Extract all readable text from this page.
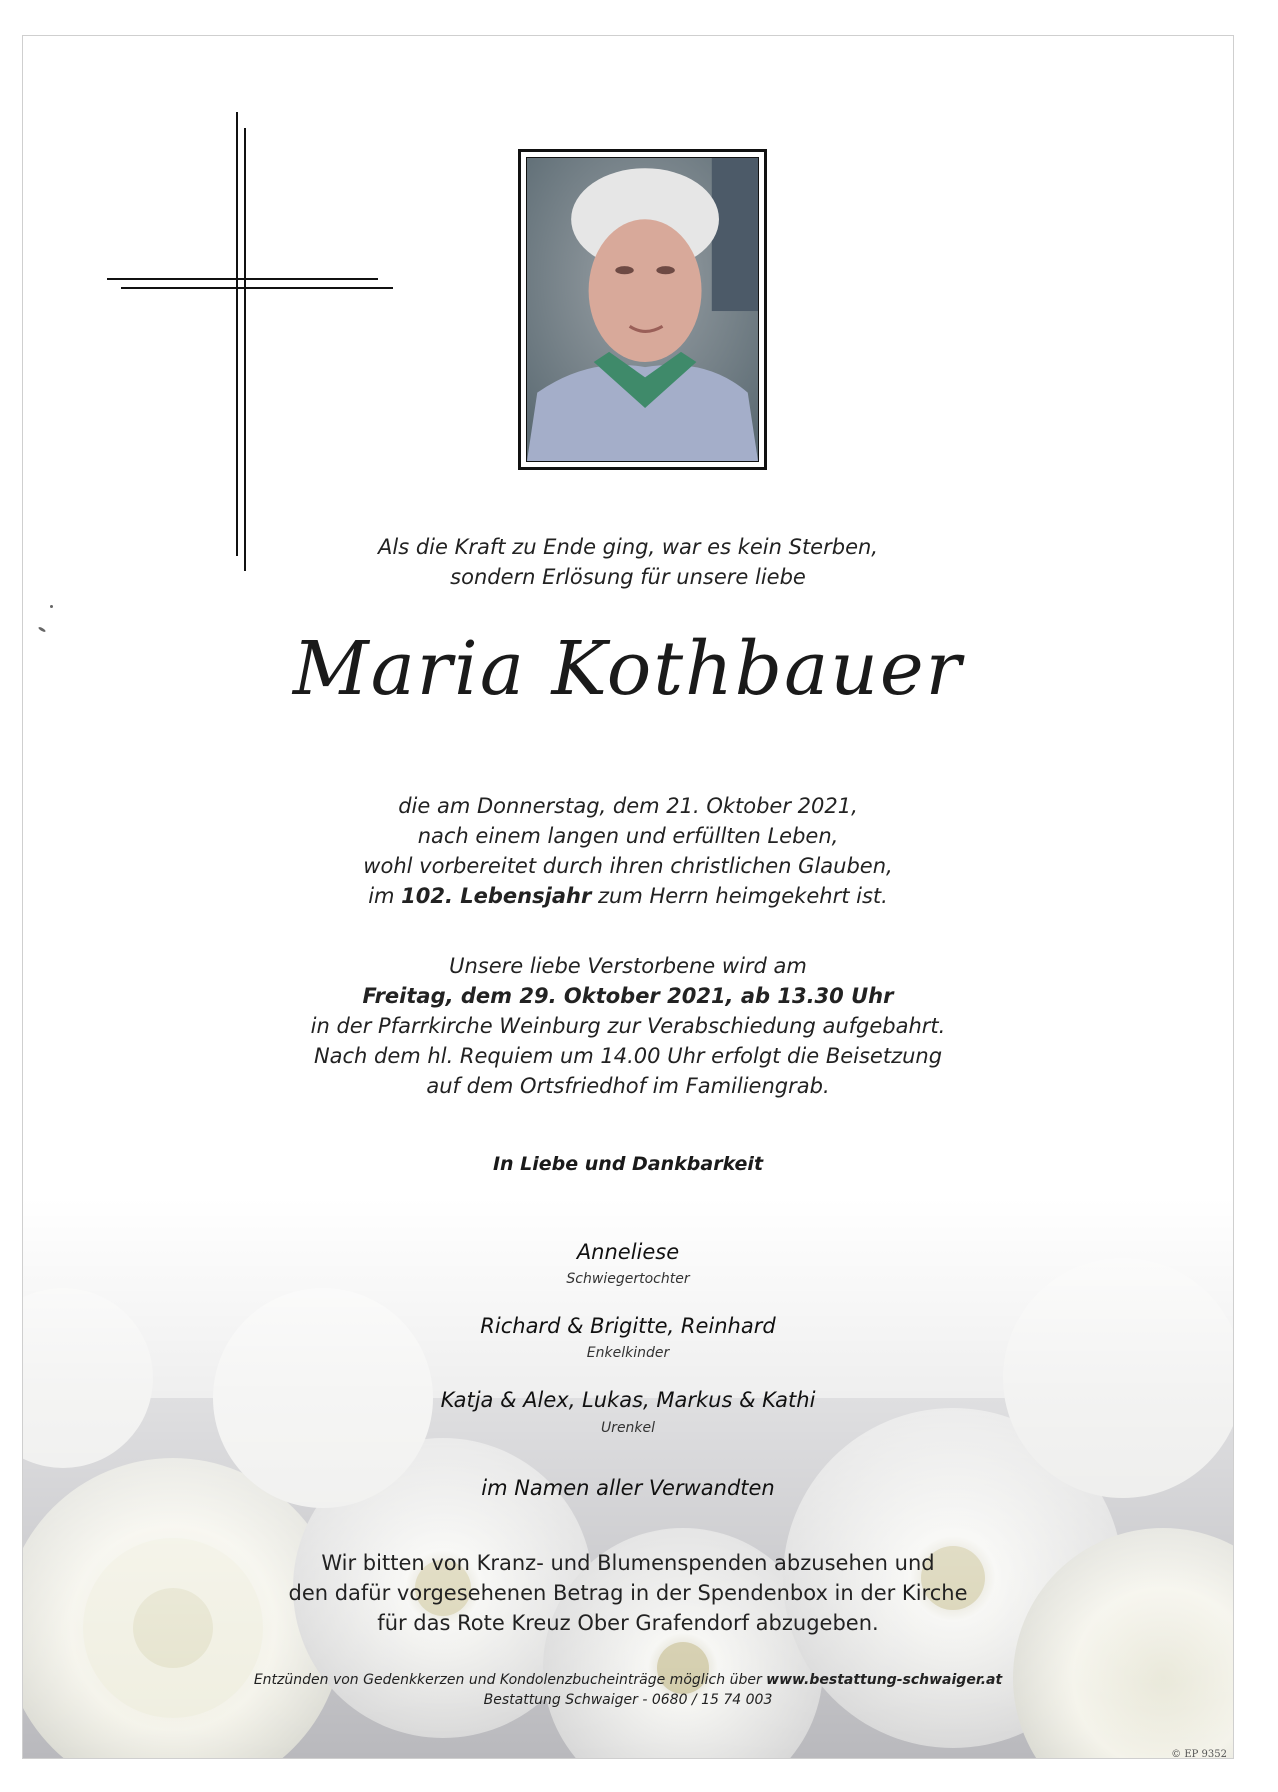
Als die Kraft zu Ende ging, war es kein Sterben,
sondern Erlösung für unsere liebe
Maria Kothbauer
die am Donnerstag, dem 21. Oktober 2021,
nach einem langen und erfüllten Leben,
wohl vorbereitet durch ihren christlichen Glauben,
im 102. Lebensjahr zum Herrn heimgekehrt ist.
Unsere liebe Verstorbene wird am
Freitag, dem 29. Oktober 2021, ab 13.30 Uhr
in der Pfarrkirche Weinburg zur Verabschiedung aufgebahrt.
Nach dem hl. Requiem um 14.00 Uhr erfolgt die Beisetzung
auf dem Ortsfriedhof im Familiengrab.
In Liebe und Dankbarkeit
Anneliese
Schwiegertochter
Richard & Brigitte, Reinhard
Enkelkinder
Katja & Alex, Lukas, Markus & Kathi
Urenkel
im Namen aller Verwandten
Wir bitten von Kranz- und Blumenspenden abzusehen und
den dafür vorgesehenen Betrag in der Spendenbox in der Kirche
für das Rote Kreuz Ober Grafendorf abzugeben.
Entzünden von Gedenkkerzen und Kondolenzbucheinträge möglich über www.bestattung-schwaiger.at
Bestattung Schwaiger - 0680 / 15 74 003
© EP 9352
